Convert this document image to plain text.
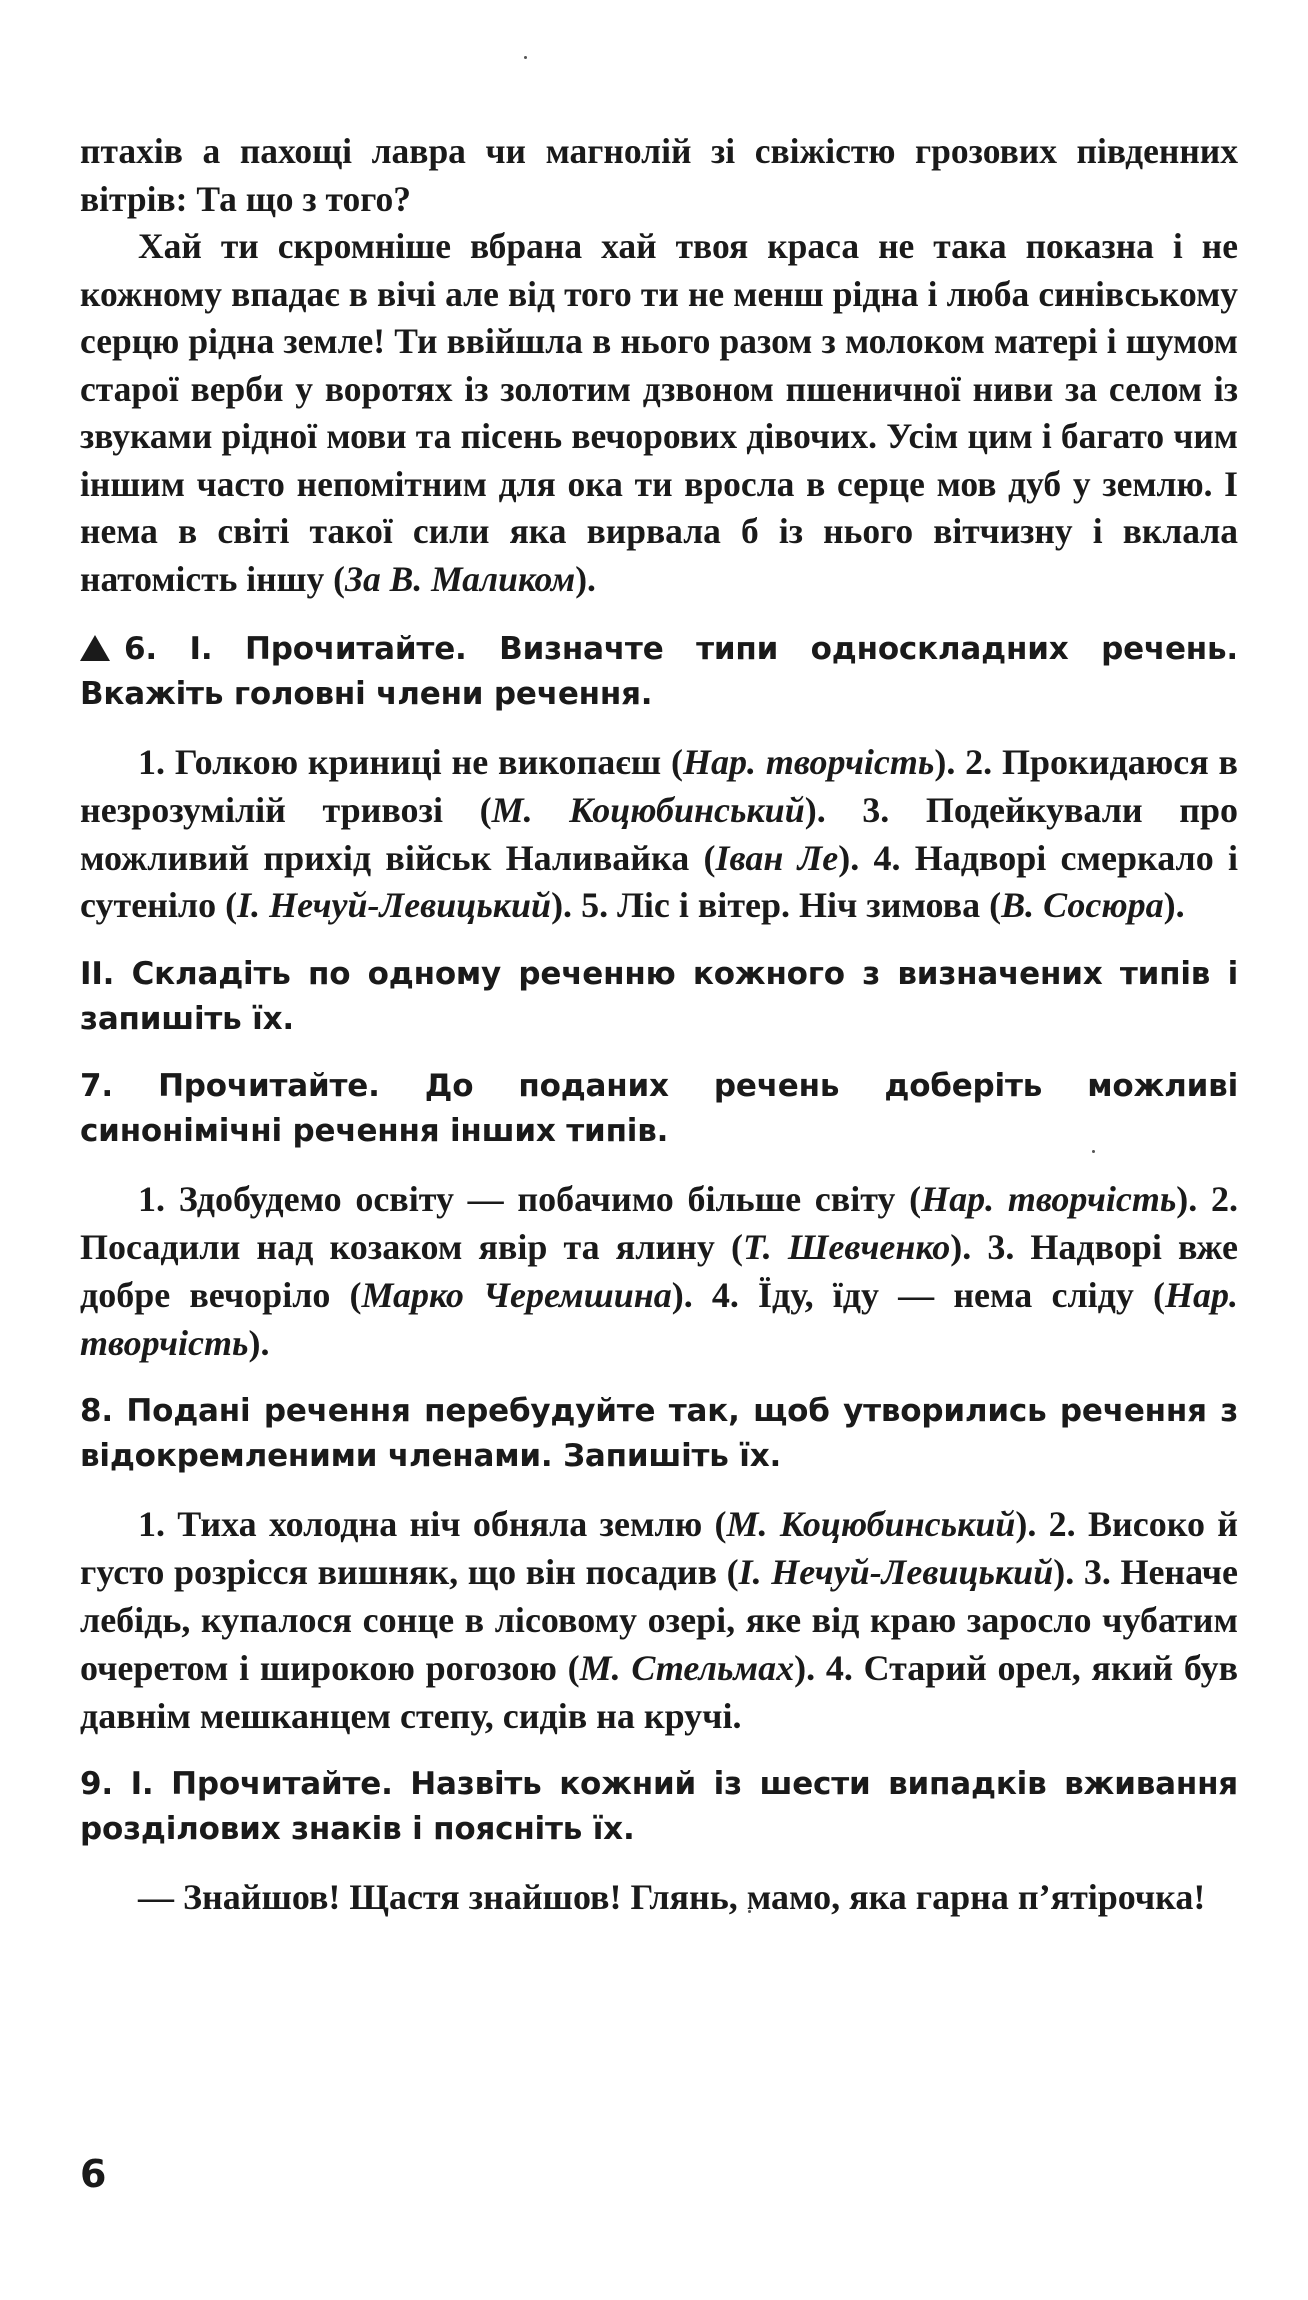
птахів а пахощі лавра чи магнолій зі свіжістю грозових південних вітрів: Та що з того?

Хай ти скромніше вбрана хай твоя краса не така показна і не кожному впадає в вічі але від того ти не менш рідна і люба синівському серцю рідна земле! Ти ввійшла в нього разом з молоком матері і шумом старої верби у воротях із золотим дзвоном пшеничної ниви за селом із звуками рідної мови та пісень вечорових дівочих. Усім цим і багато чим іншим часто непомітним для ока ти вросла в серце мов дуб у землю. І нема в світі такої сили яка вирвала б із нього вітчизну і вклала натомість іншу (За В. Маликом).

6. І. Прочитайте. Визначте типи односкладних речень. Вкажіть головні члени речення.

1. Голкою криниці не викопаєш (Нар. творчість). 2. Прокидаюся в незрозумілій тривозі (М. Коцюбинський). 3. Подейкували про можливий прихід військ Наливайка (Іван Ле). 4. Надворі смеркало і сутеніло (І. Нечуй-Левицький). 5. Ліс і вітер. Ніч зимова (В. Сосюра).

II. Складіть по одному реченню кожного з визначених типів і запишіть їх.

7. Прочитайте. До поданих речень доберіть можливі синонімічні речення інших типів.

1. Здобудемо освіту — побачимо більше світу (Нар. творчість). 2. Посадили над козаком явір та ялину (Т. Шевченко). 3. Надворі вже добре вечоріло (Марко Черемшина). 4. Їду, їду — нема сліду (Нар. творчість).

8. Подані речення перебудуйте так, щоб утворились речення з відокремленими членами. Запишіть їх.

1. Тиха холодна ніч обняла землю (М. Коцюбинський). 2. Високо й густо розрісся вишняк, що він посадив (І. Нечуй-Левицький). 3. Неначе лебідь, купалося сонце в лісовому озері, яке від краю заросло чубатим очеретом і широкою рогозою (М. Стельмах). 4. Старий орел, який був давнім мешканцем степу, сидів на кручі.

9. І. Прочитайте. Назвіть кожний із шести випадків вживання розділових знаків і поясніть їх.

— Знайшов! Щастя знайшов! Глянь, мамо, яка гарна п’ятірочка!

6
